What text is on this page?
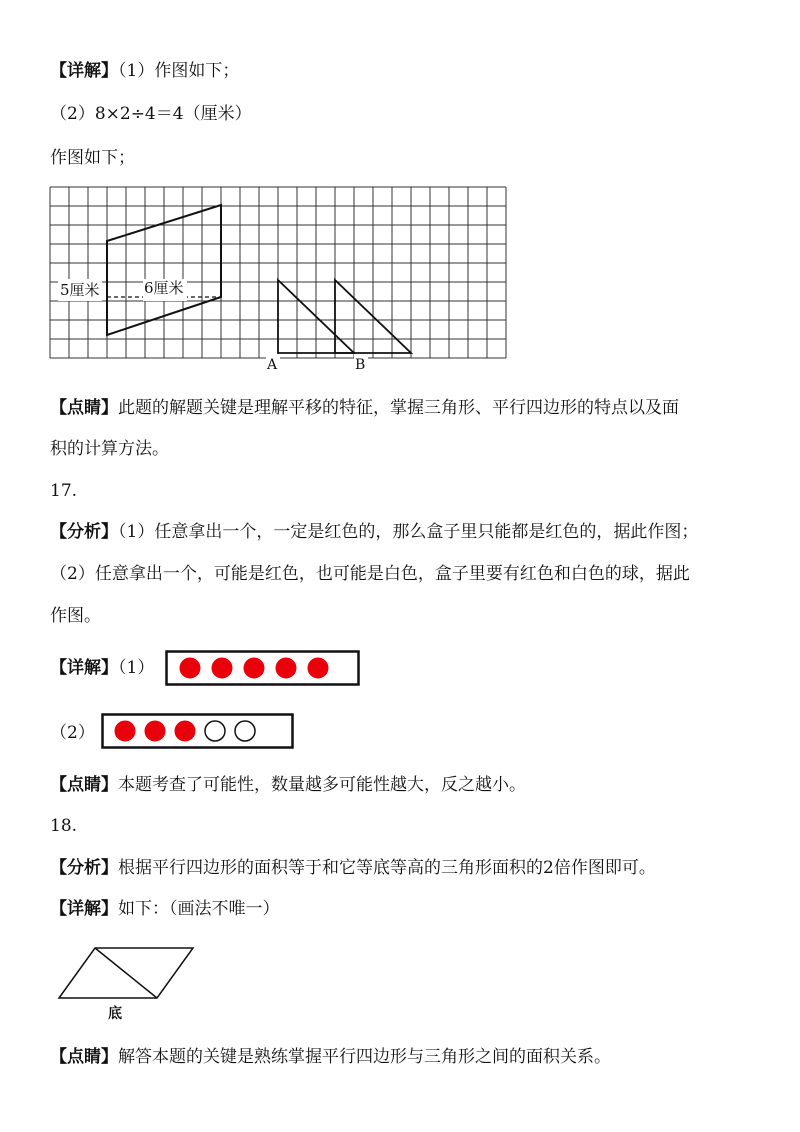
【详解】（1）作图如下；
（2）8×2÷4＝4（厘米）
作图如下；
5厘米	6厘米
A	B
【点睛】此题的解题关键是理解平移的特征，掌握三角形、平行四边形的特点以及面
积的计算方法。
17.
【分析】（1）任意拿出一个，一定是红色的，那么盒子里只能都是红色的，据此作图；
（2）任意拿出一个，可能是红色，也可能是白色，盒子里要有红色和白色的球，据此
作图。
【详解】（1）
（2）
【点睛】本题考查了可能性，数量越多可能性越大，反之越小。
18.
【分析】根据平行四边形的面积等于和它等底等高的三角形面积的2倍作图即可。
【详解】如下：（画法不唯一）
底
【点睛】解答本题的关键是熟练掌握平行四边形与三角形之间的面积关系。
